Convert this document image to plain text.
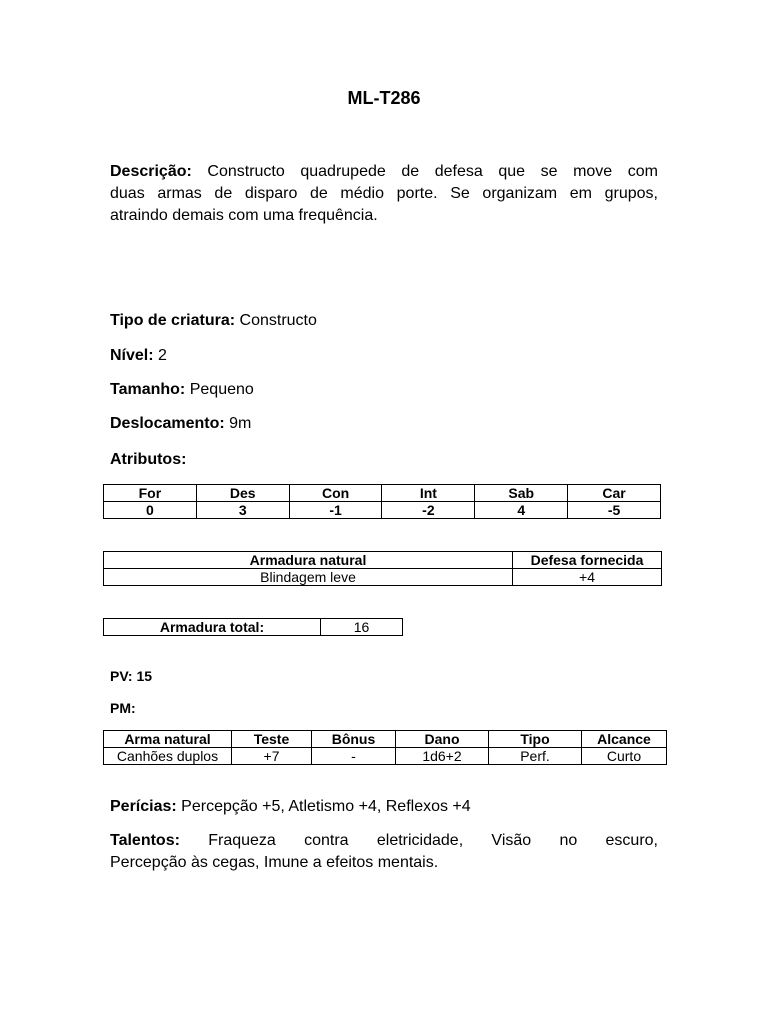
ML-T286
Descrição: Constructo quadrupede de defesa que se move com
duas armas de disparo de médio porte. Se organizam em grupos,
atraindo demais com uma frequência.
Tipo de criatura: Constructo
Nível: 2
Tamanho: Pequeno
Deslocamento: 9m
Atributos:
For	Des	Con	Int	Sab	Car
0	3	-1	-2	4	-5
Armadura natural	Defesa fornecida
Blindagem leve	+4
Armadura total:	16
PV: 15
PM:
Arma natural	Teste	Bônus	Dano	Tipo	Alcance
Canhões duplos	+7	-	1d6+2	Perf.	Curto
Perícias: Percepção +5, Atletismo +4, Reflexos +4
Talentos: Fraqueza contra eletricidade, Visão no escuro,
Percepção às cegas, Imune a efeitos mentais.
